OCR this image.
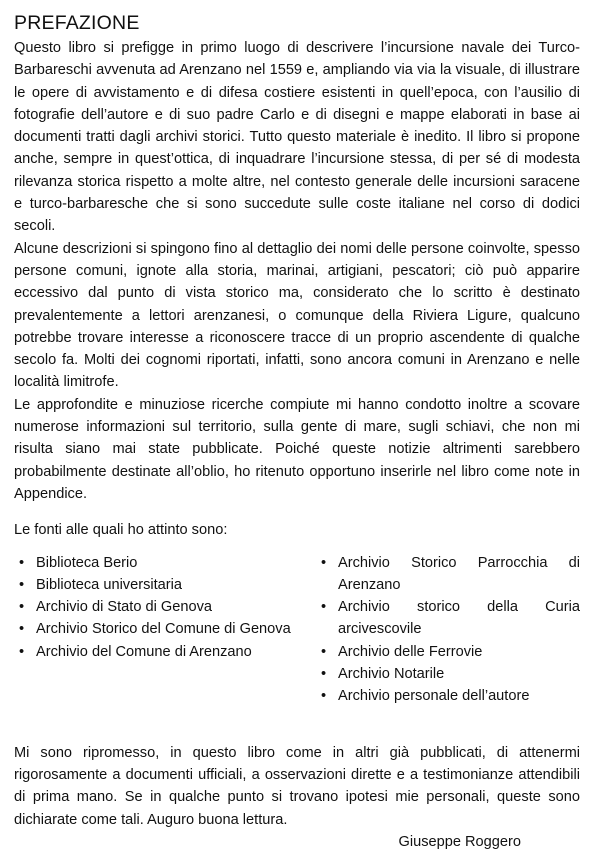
PREFAZIONE

Questo libro si prefigge in primo luogo di descrivere l’incursione navale dei Turco-Barbareschi avvenuta ad Arenzano nel 1559 e, ampliando via via la visuale, di illustrare le opere di avvistamento e di difesa costiere esistenti in quell’epoca, con l’ausilio di fotografie dell’autore e di suo padre Carlo e di disegni e mappe elaborati in base ai documenti tratti dagli archivi storici. Tutto questo materiale è inedito. Il libro si propone anche, sempre in quest’ottica, di inquadrare l’incursione stessa, di per sé di modesta rilevanza storica rispetto a molte altre, nel contesto generale delle incursioni saracene e turco-barbaresche che si sono succedute sulle coste italiane nel corso di dodici secoli.

Alcune descrizioni si spingono fino al dettaglio dei nomi delle persone coinvolte, spesso persone comuni, ignote alla storia, marinai, artigiani, pescatori; ciò può apparire eccessivo dal punto di vista storico ma, considerato che lo scritto è destinato prevalentemente a lettori arenzanesi, o comunque della Riviera Ligure, qualcuno potrebbe trovare interesse a riconoscere tracce di un proprio ascendente di qualche secolo fa. Molti dei cognomi riportati, infatti, sono ancora comuni in Arenzano e nelle località limitrofe.

Le approfondite e minuziose ricerche compiute mi hanno condotto inoltre a scovare numerose informazioni sul territorio, sulla gente di mare, sugli schiavi, che non mi risulta siano mai state pubblicate. Poiché queste notizie altrimenti sarebbero probabilmente destinate all’oblio, ho ritenuto opportuno inserirle nel libro come note in Appendice.

Le fonti alle quali ho attinto sono:

• Biblioteca Berio
• Biblioteca universitaria
• Archivio di Stato di Genova
• Archivio Storico del Comune di Genova
• Archivio del Comune di Arenzano
• Archivio Storico Parrocchia di Arenzano
• Archivio storico della Curia arcivescovile
• Archivio delle Ferrovie
• Archivio Notarile
• Archivio personale dell’autore

Mi sono ripromesso, in questo libro come in altri già pubblicati, di attenermi rigorosamente a documenti ufficiali, a osservazioni dirette e a testimonianze attendibili di prima mano. Se in qualche punto si trovano ipotesi mie personali, queste sono dichiarate come tali. Auguro buona lettura.

Giuseppe Roggero
